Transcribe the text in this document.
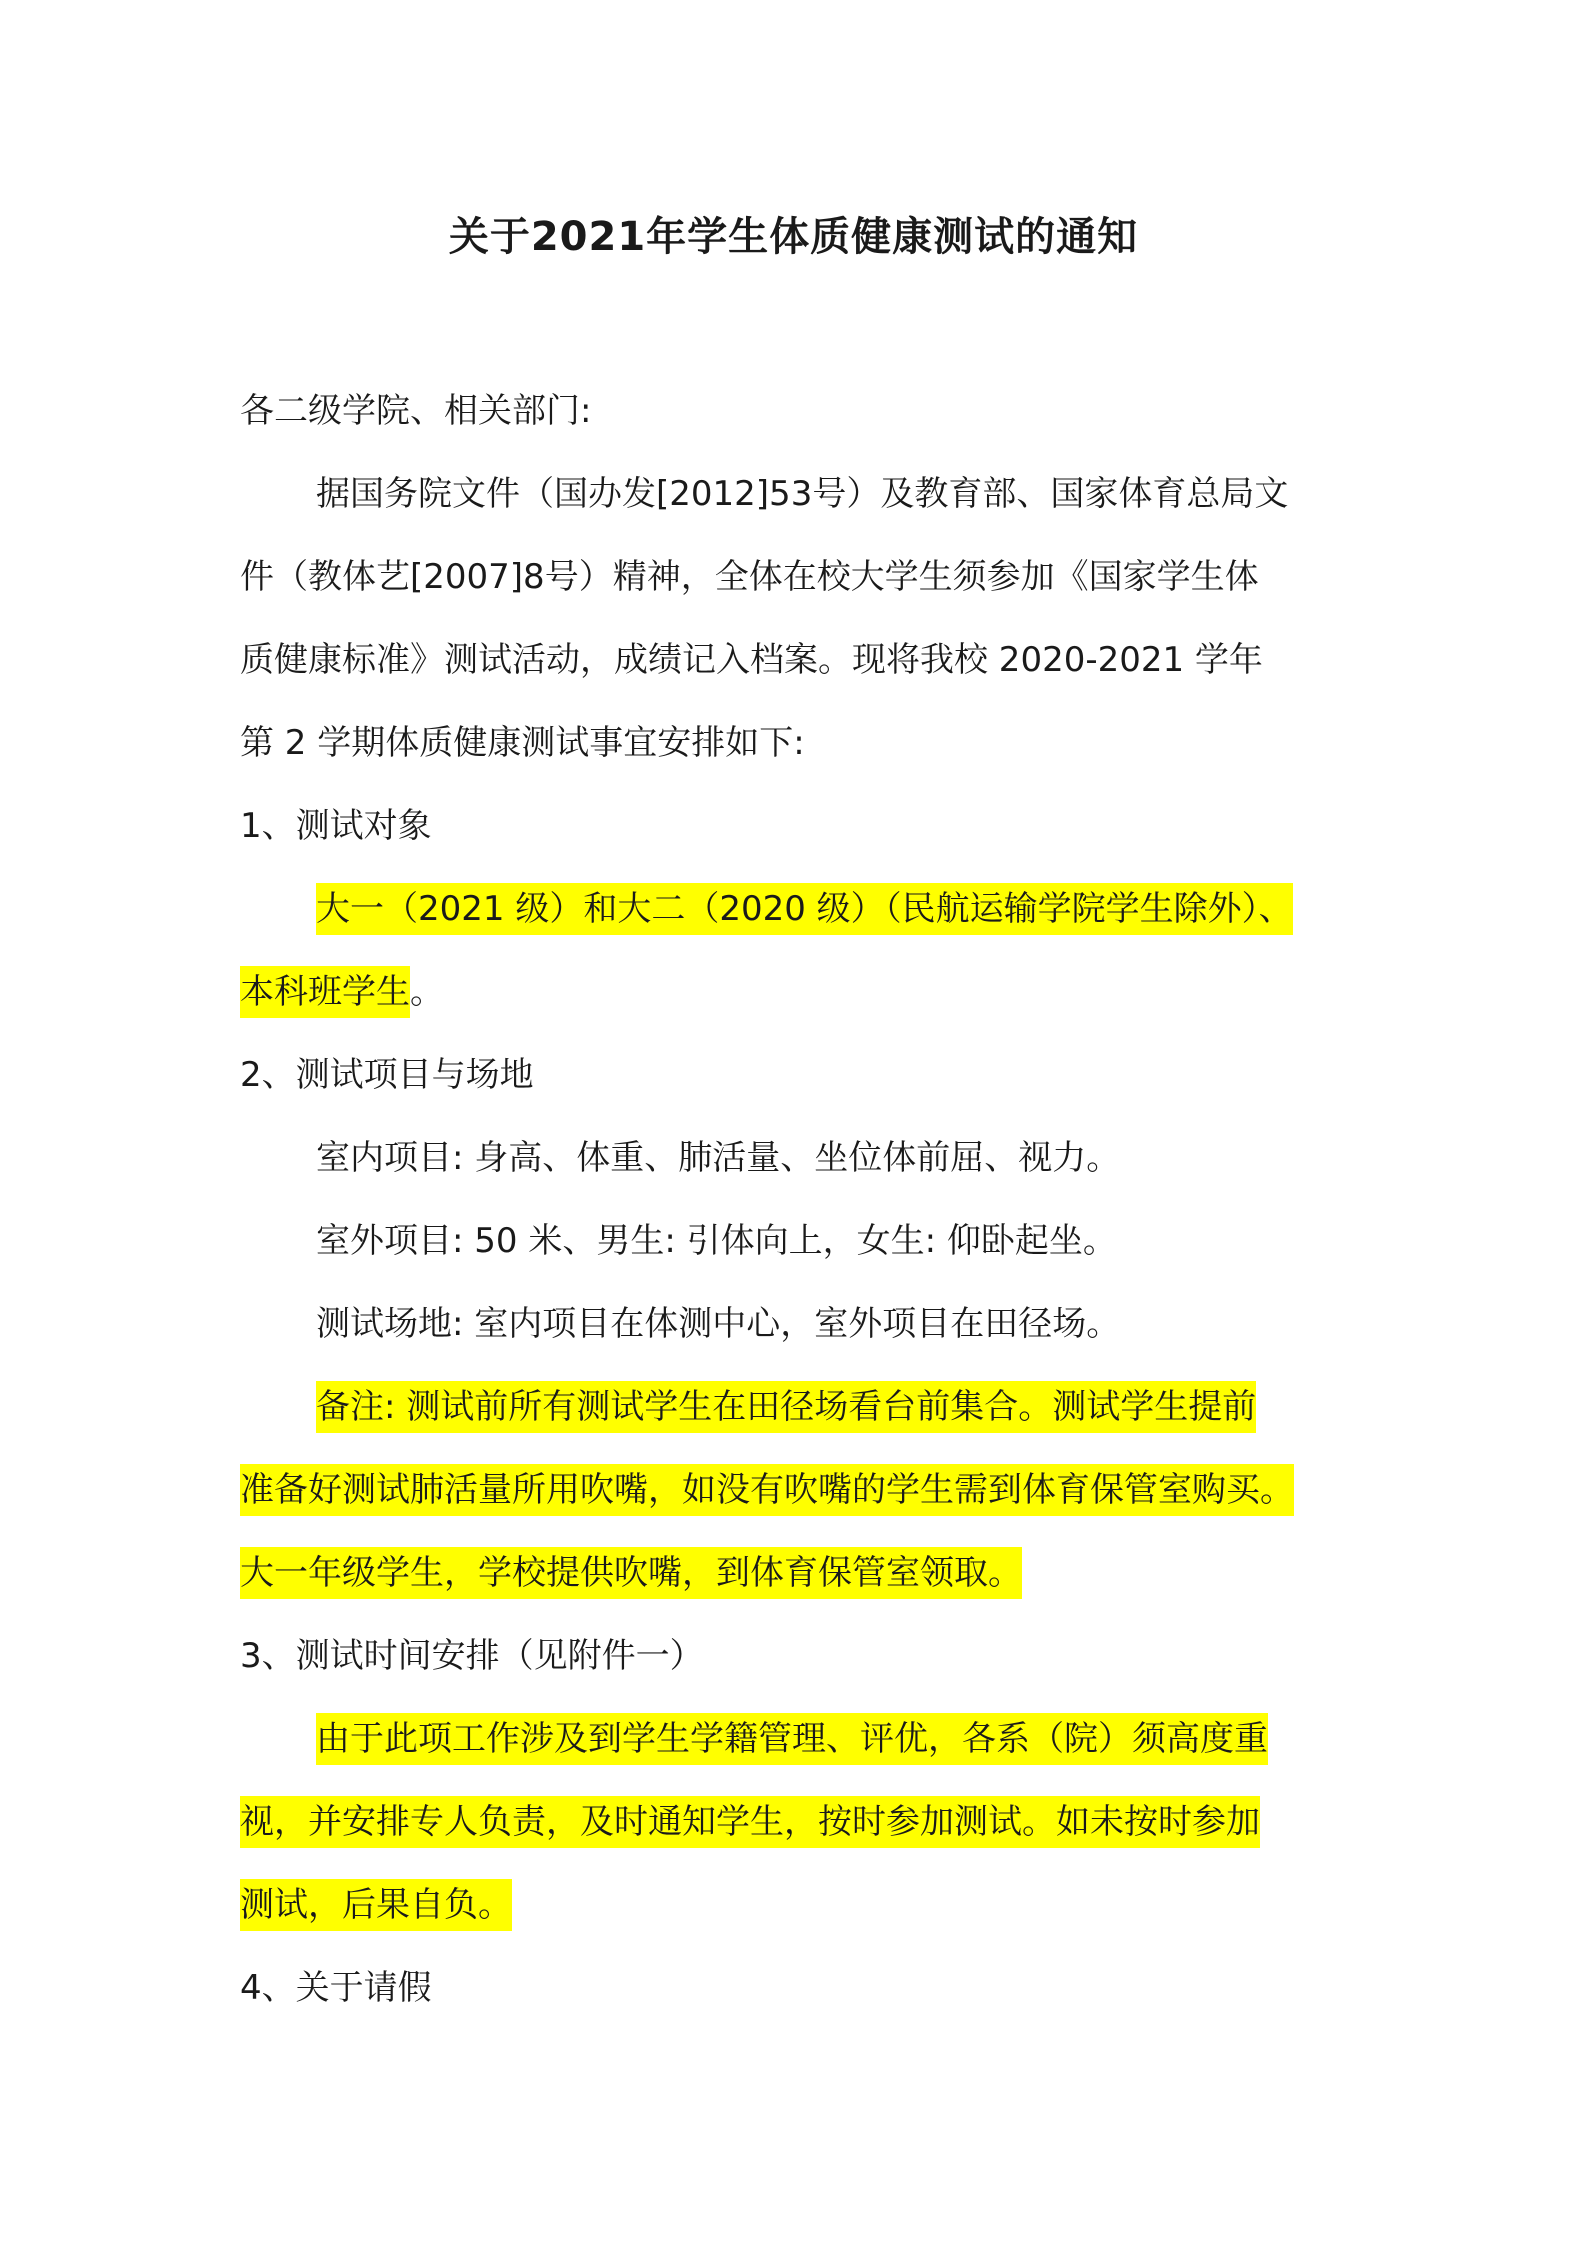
关于2021年学生体质健康测试的通知
各二级学院、相关部门:
据国务院文件（国办发[2012]53号）及教育部、国家体育总局文
件（教体艺[2007]8号）精神，全体在校大学生须参加《国家学生体
质健康标准》测试活动，成绩记入档案。现将我校 2020-2021 学年
第 2 学期体质健康测试事宜安排如下:
1、测试对象
大一（2021 级）和大二（2020 级）（民航运输学院学生除外）、
本科班学生。
2、测试项目与场地
室内项目: 身高、体重、肺活量、坐位体前屈、视力。
室外项目: 50 米、男生: 引体向上，女生: 仰卧起坐。
测试场地: 室内项目在体测中心，室外项目在田径场。
备注: 测试前所有测试学生在田径场看台前集合。测试学生提前
准备好测试肺活量所用吹嘴，如没有吹嘴的学生需到体育保管室购买。
大一年级学生，学校提供吹嘴，到体育保管室领取。
3、测试时间安排（见附件一）
由于此项工作涉及到学生学籍管理、评优，各系（院）须高度重
视，并安排专人负责，及时通知学生，按时参加测试。如未按时参加
测试，后果自负。
4、关于请假
